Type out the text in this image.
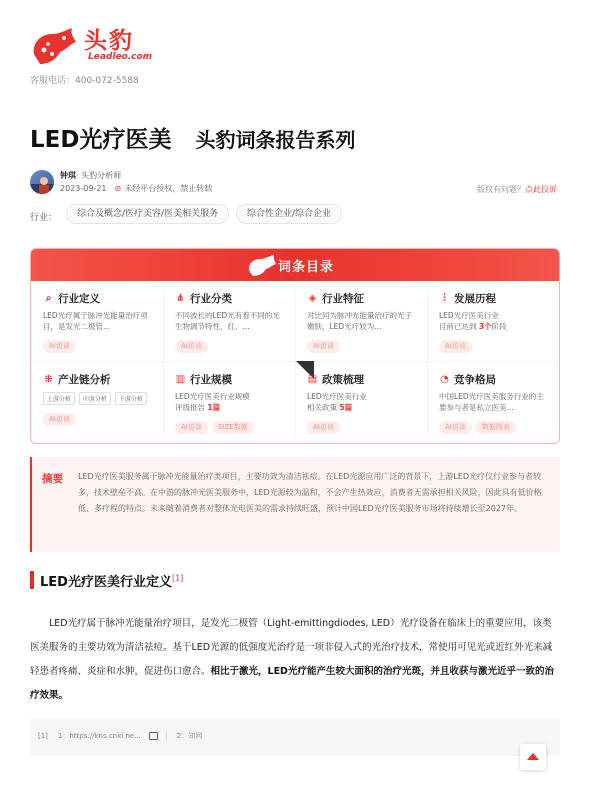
头豹
Leadleo.com
客服电话：400-072-5588
LED光疗医美 头豹词条报告系列
钟琪· 头豹分析师
2023-09-21 ⊘ 未经平台授权，禁止转载	版权有问题？点此投诉
行业：	综合及概念/医疗美容/医美相关服务	综合性企业/综合企业
词条目录
⌕ 行业定义
LED光疗属于脉冲光能量治疗项目，是发光二极管...
AI访谈
⋔ 行业分类
不同波长的LED光有着不同的光生物调节特性，红、...
AI访谈
◈ 行业特征
对比同为脉冲光能量治疗的光子嫩肤，LED光疗较为...
AI访谈
⫶ 发展历程
LED光疗医美行业
目前已达到 3个阶段
AI访谈
⁜ 产业链分析
上游分析	中游分析	下游分析
AI访谈
▥ 行业规模
LED光疗医美行业规模
评级报告 1篇
AI访谈 SIZE数据
▤ 政策梳理
LED光疗医美行业
相关政策 5篇
AI访谈
◔ 竞争格局
中国LED光疗医美服务行业的主要参与者是私立医美...
AI访谈 数据图表
摘要 LED光疗医美服务属于脉冲光能量治疗类项目，主要功效为清洁祛痘。在LED光源应用广泛的背景下，上游LED光疗仪行业参与者较多，技术壁垒不高。在中游的脉冲光医美服务中，LED光源较为温和，不会产生热效应，消费者无需承担相关风险，因此具有低价格低、多疗程的特点。未来随着消费者对整体光电医美的需求持续旺盛，预计中国LED光疗医美服务市场将持续增长至2027年。
LED光疗医美行业定义[1]
LED光疗属于脉冲光能量治疗项目，是发光二极管（Light-emittingdiodes, LED）光疗设备在临床上的重要应用，该类医美服务的主要功效为清洁祛痘。基于LED光源的低强度光治疗是一项非侵入式的光治疗技术，常使用可见光或近红外光来减轻患者疼痛、炎症和水肿，促进伤口愈合。相比于激光，LED光疗能产生较大面积的治疗光斑，并且收获与激光近乎一致的治疗效果。
[1] 1：https://kns.cnki.ne...	2：知网
